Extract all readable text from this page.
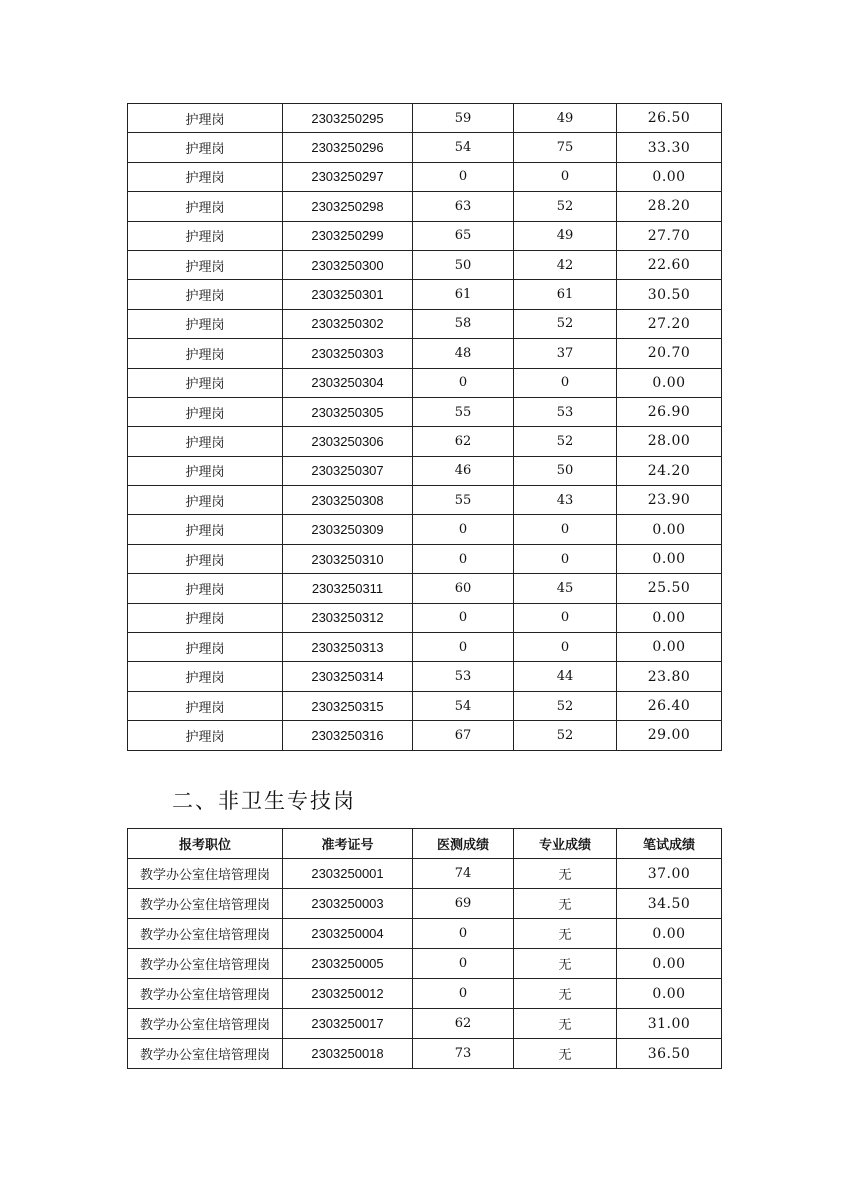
护理岗	2303250295	59	49	26.50
护理岗	2303250296	54	75	33.30
护理岗	2303250297	0	0	0.00
护理岗	2303250298	63	52	28.20
护理岗	2303250299	65	49	27.70
护理岗	2303250300	50	42	22.60
护理岗	2303250301	61	61	30.50
护理岗	2303250302	58	52	27.20
护理岗	2303250303	48	37	20.70
护理岗	2303250304	0	0	0.00
护理岗	2303250305	55	53	26.90
护理岗	2303250306	62	52	28.00
护理岗	2303250307	46	50	24.20
护理岗	2303250308	55	43	23.90
护理岗	2303250309	0	0	0.00
护理岗	2303250310	0	0	0.00
护理岗	2303250311	60	45	25.50
护理岗	2303250312	0	0	0.00
护理岗	2303250313	0	0	0.00
护理岗	2303250314	53	44	23.80
护理岗	2303250315	54	52	26.40
护理岗	2303250316	67	52	29.00
二、非卫生专技岗
报考职位	准考证号	医测成绩	专业成绩	笔试成绩
教学办公室住培管理岗	2303250001	74	无	37.00
教学办公室住培管理岗	2303250003	69	无	34.50
教学办公室住培管理岗	2303250004	0	无	0.00
教学办公室住培管理岗	2303250005	0	无	0.00
教学办公室住培管理岗	2303250012	0	无	0.00
教学办公室住培管理岗	2303250017	62	无	31.00
教学办公室住培管理岗	2303250018	73	无	36.50
